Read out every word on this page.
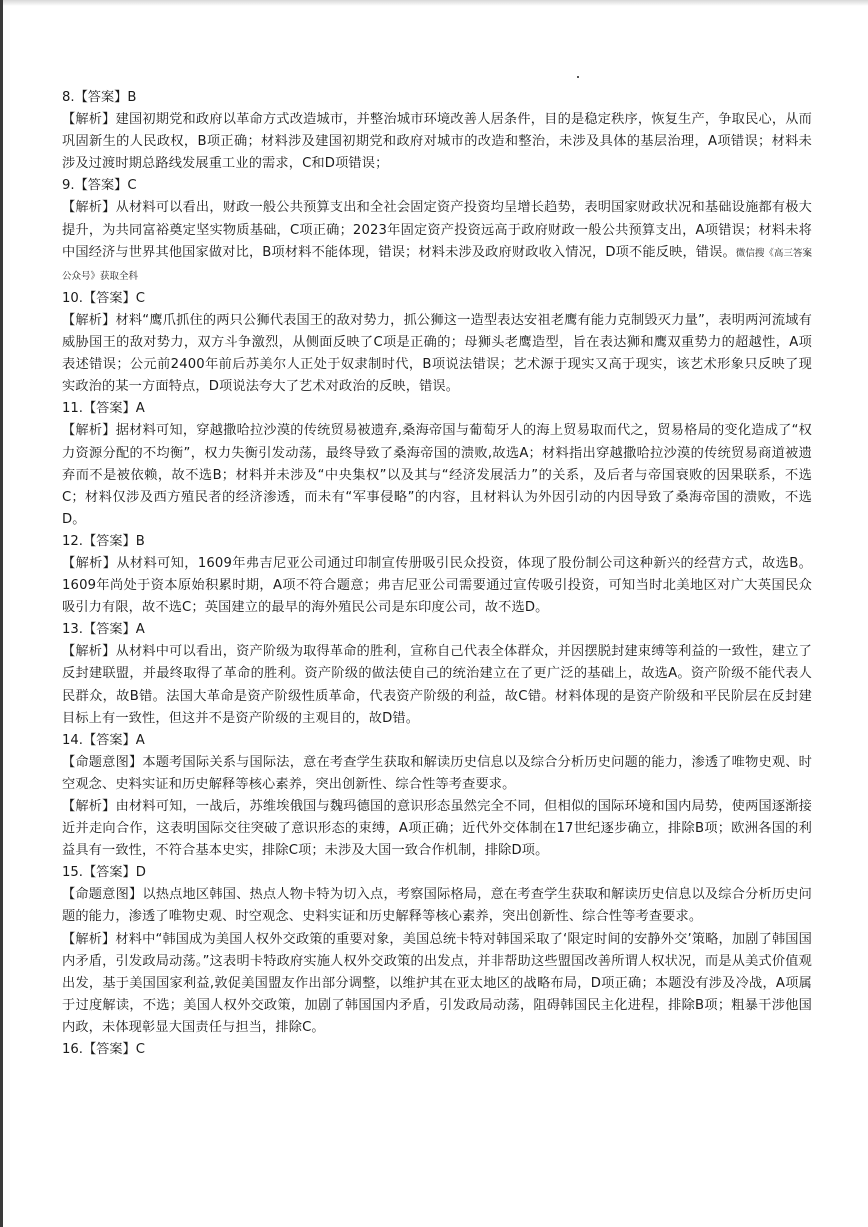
8.【答案】B
【解析】建国初期党和政府以革命方式改造城市，并整治城市环境改善人居条件，目的是稳定秩序，恢复生产，争取民心，从而巩固新生的人民政权，B项正确；材料涉及建国初期党和政府对城市的改造和整治，未涉及具体的基层治理，A项错误；材料未涉及过渡时期总路线发展重工业的需求，C和D项错误；
9.【答案】C
【解析】从材料可以看出，财政一般公共预算支出和全社会固定资产投资均呈增长趋势，表明国家财政状况和基础设施都有极大提升，为共同富裕奠定坚实物质基础，C项正确；2023年固定资产投资远高于政府财政一般公共预算支出，A项错误；材料未将中国经济与世界其他国家做对比，B项材料不能体现，错误；材料未涉及政府财政收入情况，D项不能反映，错误。微信搜《高三答案公众号》获取全科
10.【答案】C
【解析】材料“鹰爪抓住的两只公狮代表国王的敌对势力，抓公狮这一造型表达安祖老鹰有能力克制毁灭力量”，表明两河流域有威胁国王的敌对势力，双方斗争激烈，从侧面反映了C项是正确的；母狮头老鹰造型，旨在表达狮和鹰双重势力的超越性，A项表述错误；公元前2400年前后苏美尔人正处于奴隶制时代，B项说法错误；艺术源于现实又高于现实，该艺术形象只反映了现实政治的某一方面特点，D项说法夸大了艺术对政治的反映，错误。
11.【答案】A
【解析】据材料可知，穿越撒哈拉沙漠的传统贸易被遗弃,桑海帝国与葡萄牙人的海上贸易取而代之，贸易格局的变化造成了“权力资源分配的不均衡”，权力失衡引发动荡，最终导致了桑海帝国的溃败,故选A；材料指出穿越撒哈拉沙漠的传统贸易商道被遗弃而不是被依赖，故不选B；材料并未涉及“中央集权”以及其与“经济发展活力”的关系，及后者与帝国衰败的因果联系，不选C；材料仅涉及西方殖民者的经济渗透，而未有“军事侵略”的内容，且材料认为外因引动的内因导致了桑海帝国的溃败，不选D。
12.【答案】B
【解析】从材料可知，1609年弗吉尼亚公司通过印制宣传册吸引民众投资，体现了股份制公司这种新兴的经营方式，故选B。1609年尚处于资本原始积累时期，A项不符合题意；弗吉尼亚公司需要通过宣传吸引投资，可知当时北美地区对广大英国民众吸引力有限，故不选C；英国建立的最早的海外殖民公司是东印度公司，故不选D。
13.【答案】A
【解析】从材料中可以看出，资产阶级为取得革命的胜利，宣称自己代表全体群众，并因摆脱封建束缚等利益的一致性，建立了反封建联盟，并最终取得了革命的胜利。资产阶级的做法使自己的统治建立在了更广泛的基础上，故选A。资产阶级不能代表人民群众，故B错。法国大革命是资产阶级性质革命，代表资产阶级的利益，故C错。材料体现的是资产阶级和平民阶层在反封建目标上有一致性，但这并不是资产阶级的主观目的，故D错。
14.【答案】A
【命题意图】本题考国际关系与国际法，意在考查学生获取和解读历史信息以及综合分析历史问题的能力，渗透了唯物史观、时空观念、史料实证和历史解释等核心素养，突出创新性、综合性等考查要求。
【解析】由材料可知，一战后，苏维埃俄国与魏玛德国的意识形态虽然完全不同，但相似的国际环境和国内局势，使两国逐渐接近并走向合作，这表明国际交往突破了意识形态的束缚，A项正确；近代外交体制在17世纪逐步确立，排除B项；欧洲各国的利益具有一致性，不符合基本史实，排除C项；未涉及大国一致合作机制，排除D项。
15.【答案】D
【命题意图】以热点地区韩国、热点人物卡特为切入点，考察国际格局，意在考查学生获取和解读历史信息以及综合分析历史问题的能力，渗透了唯物史观、时空观念、史料实证和历史解释等核心素养，突出创新性、综合性等考查要求。
【解析】材料中“韩国成为美国人权外交政策的重要对象，美国总统卡特对韩国采取了‘限定时间的安静外交’策略，加剧了韩国国内矛盾，引发政局动荡。”这表明卡特政府实施人权外交政策的出发点，并非帮助这些盟国改善所谓人权状况，而是从美式价值观出发，基于美国国家利益,敦促美国盟友作出部分调整，以维护其在亚太地区的战略布局，D项正确；本题没有涉及冷战，A项属于过度解读，不选；美国人权外交政策，加剧了韩国国内矛盾，引发政局动荡，阻碍韩国民主化进程，排除B项；粗暴干涉他国内政，未体现彰显大国责任与担当，排除C。
16.【答案】C
